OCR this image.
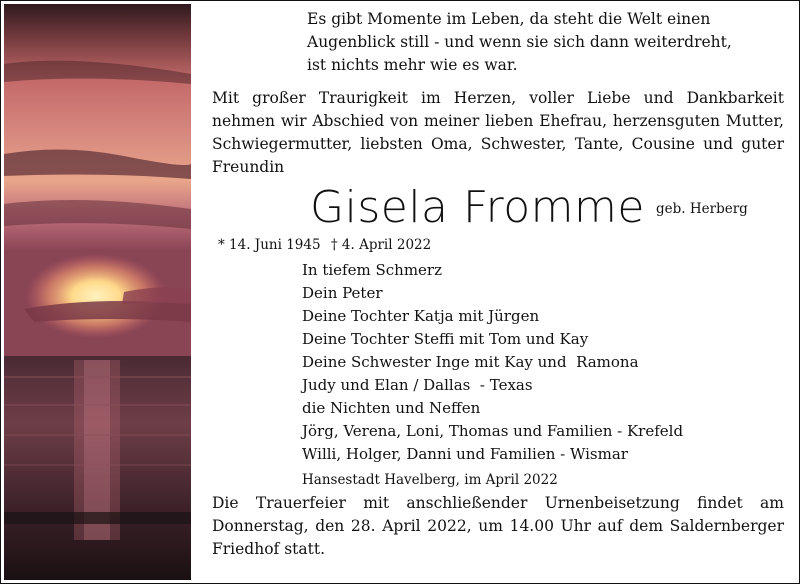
Es gibt Momente im Leben, da steht die Welt einen
Augenblick still - und wenn sie sich dann weiterdreht,
ist nichts mehr wie es war.
Mit großer Traurigkeit im Herzen, voller Liebe und Dankbarkeit nehmen wir Abschied von meiner lieben Ehefrau, herzensguten Mutter, Schwiegermutter, liebsten Oma, Schwester, Tante, Cousine und guter Freundin
Gisela Fromme geb. Herberg
* 14. Juni 1945 † 4. April 2022
In tiefem Schmerz
Dein Peter
Deine Tochter Katja mit Jürgen
Deine Tochter Steffi mit Tom und Kay
Deine Schwester Inge mit Kay und  Ramona
Judy und Elan / Dallas  - Texas
die Nichten und Neffen
Jörg, Verena, Loni, Thomas und Familien - Krefeld
Willi, Holger, Danni und Familien - Wismar
Hansestadt Havelberg, im April 2022
Die Trauerfeier mit anschließender Urnenbeisetzung findet am Donnerstag, den 28. April 2022, um 14.00 Uhr auf dem Saldernberger Friedhof statt.
